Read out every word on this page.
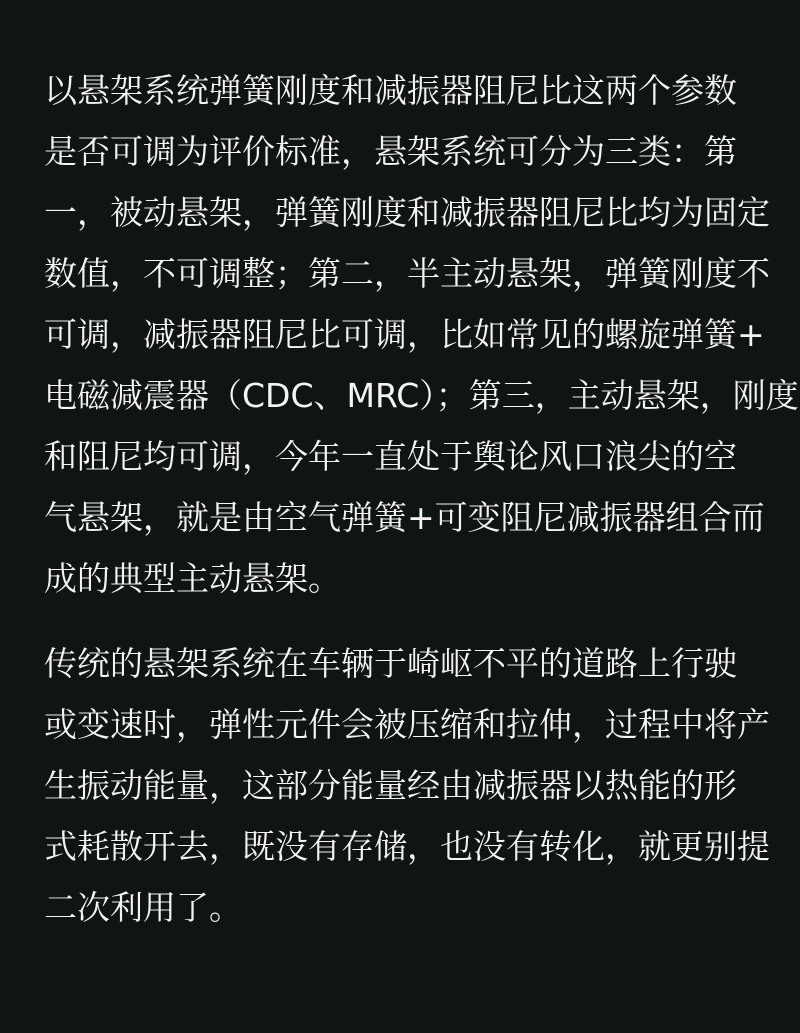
以悬架系统弹簧刚度和减振器阻尼比这两个参数
是否可调为评价标准，悬架系统可分为三类：第
一，被动悬架，弹簧刚度和减振器阻尼比均为固定
数值，不可调整；第二，半主动悬架，弹簧刚度不
可调，减振器阻尼比可调，比如常见的螺旋弹簧+
电磁减震器（CDC、MRC）；第三，主动悬架，刚度
和阻尼均可调，今年一直处于舆论风口浪尖的空
气悬架，就是由空气弹簧+可变阻尼减振器组合而
成的典型主动悬架。
传统的悬架系统在车辆于崎岖不平的道路上行驶
或变速时，弹性元件会被压缩和拉伸，过程中将产
生振动能量，这部分能量经由减振器以热能的形
式耗散开去，既没有存储，也没有转化，就更别提
二次利用了。
